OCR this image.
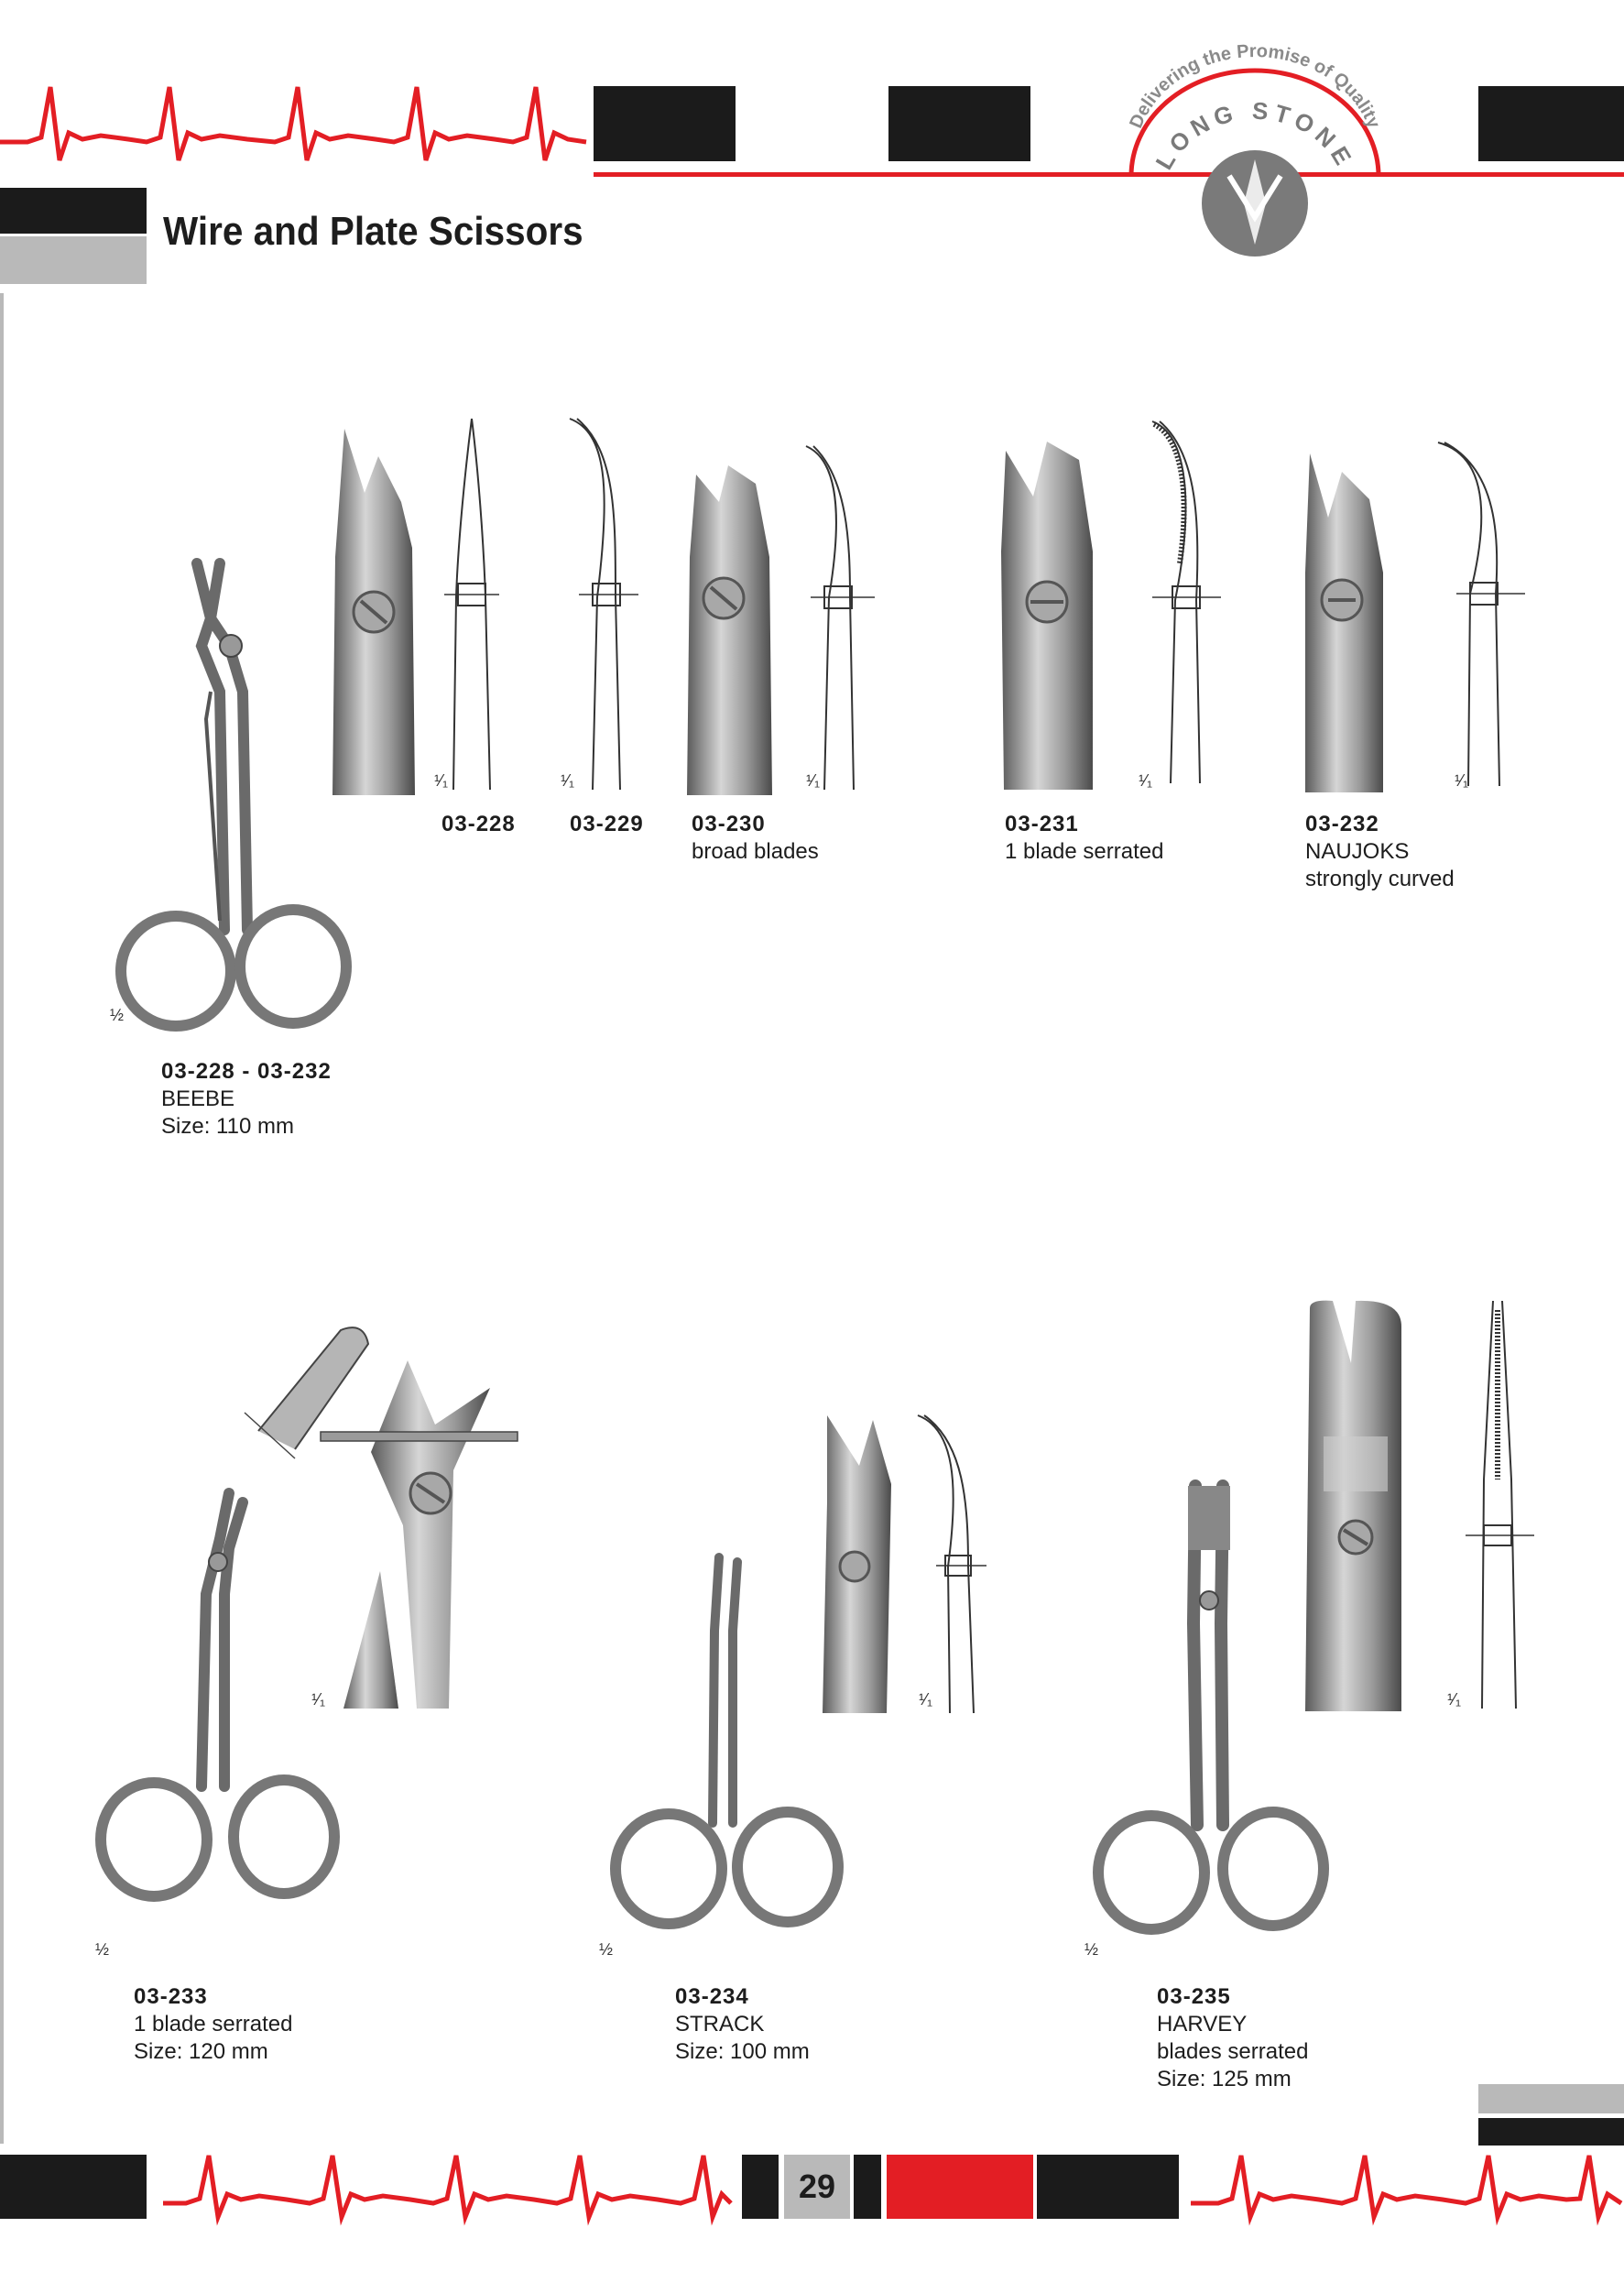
Delivering the Promise of Quality
LONG STONE
Wire and Plate Scissors
¹⁄₁	¹⁄₁	¹⁄₁	¹⁄₁	¹⁄₁
03-228 03-229 03-230
broad blades
03-231
1 blade serrated
03-232
NAUJOKS
strongly curved
½
03-228 - 03-232
BEEBE
Size: 110 mm
¹⁄₁
½
03-233
1 blade serrated
Size: 120 mm
¹⁄₁
½
03-234
STRACK
Size: 100 mm
¹⁄₁
½
03-235
HARVEY
blades serrated
Size: 125 mm
29
